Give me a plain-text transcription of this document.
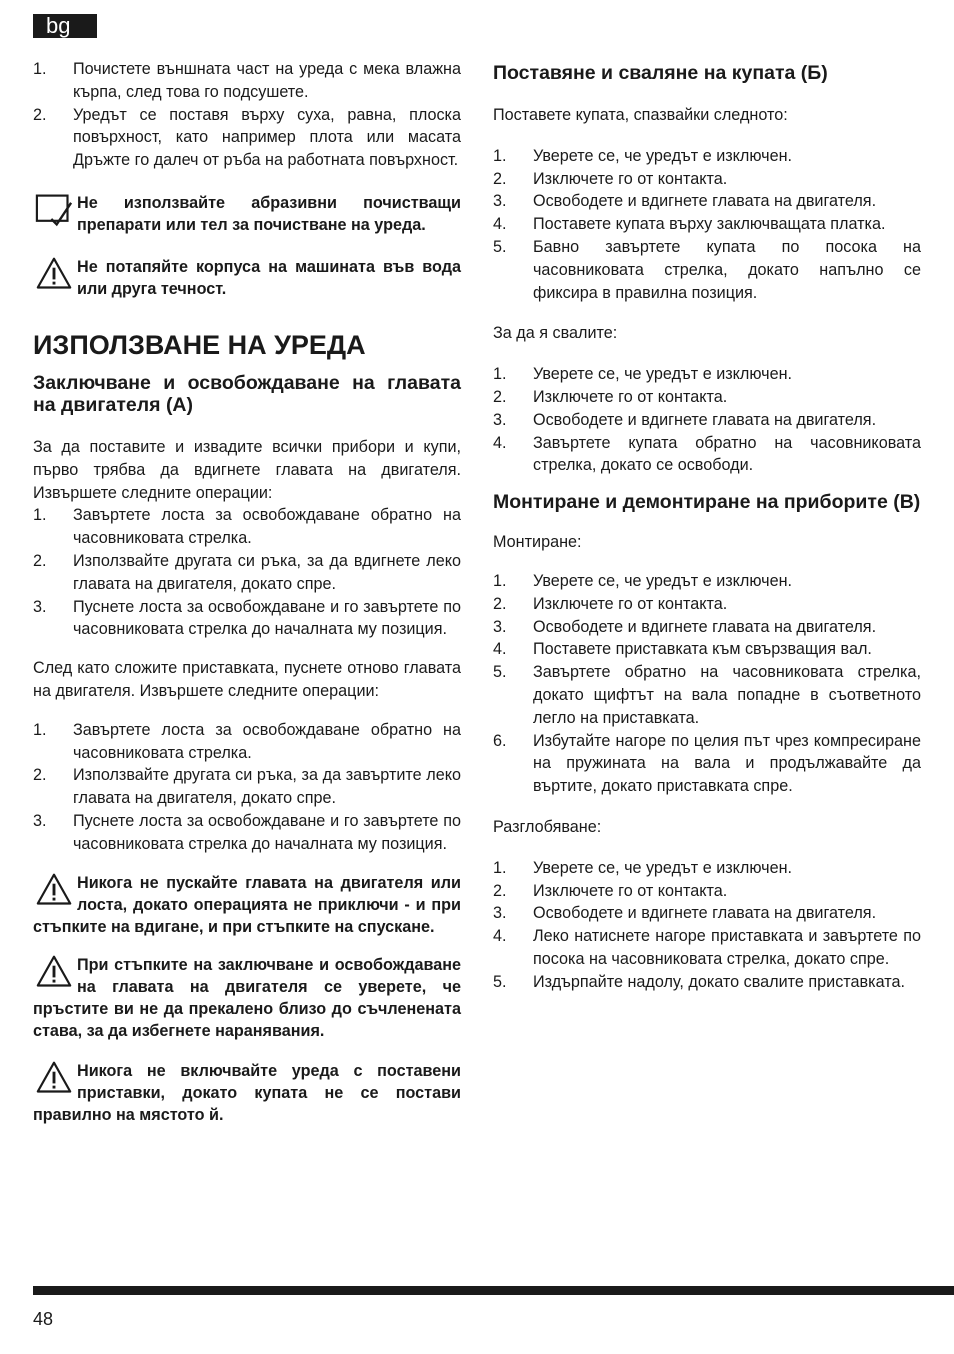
bg
1. Почистете външната част на уреда с мека влажна кърпа, след това го подсушете.
2. Уредът се поставя върху суха, равна, плоска повърхност, като например плота или масата Дръжте го далеч от ръба на работната повърхност.

Не използвайте абразивни почистващи препарати или тел за почистване на уреда.

Не потапяйте корпуса на машината във вода или друга течност.

ИЗПОЛЗВАНЕ НА УРЕДА
Заключване и освобождаване на главата на двигателя (A)

За да поставите и извадите всички прибори и купи, първо трябва да вдигнете главата на двигателя. Извършете следните операции:

1. Завъртете лоста за освобождаване обратно на часовниковата стрелка.
2. Използвайте другата си ръка, за да вдигнете леко главата на двигателя, докато спре.
3. Пуснете лоста за освобождаване и го завъртете по часовниковата стрелка до началната му позиция.

След като сложите приставката, пуснете отново главата на двигателя. Извършете следните операции:

1. Завъртете лоста за освобождаване обратно на часовниковата стрелка.
2. Използвайте другата си ръка, за да завъртите леко главата на двигателя, докато спре.
3. Пуснете лоста за освобождаване и го завъртете по часовниковата стрелка до началната му позиция.

Никога не пускайте главата на двигателя или лоста, докато операцията не приключи - и при стъпките на вдигане, и при стъпките на спускане.

При стъпките на заключване и освобождаване на главата на двигателя се уверете, че пръстите ви не да прекалено близо до съчленената става, за да избегнете наранявания.

Никога не включвайте уреда с поставени приставки, докато купата не се постави правилно на мястото й.

Поставяне и сваляне на купата (Б)

Поставете купата, спазвайки следното:

1. Уверете се, че уредът е изключен.
2. Изключете го от контакта.
3. Освободете и вдигнете главата на двигателя.
4. Поставете купата върху заключващата платка.
5. Бавно завъртете купата по посока на часовниковата стрелка, докато напълно се фиксира в правилна позиция.

За да я свалите:

1. Уверете се, че уредът е изключен.
2. Изключете го от контакта.
3. Освободете и вдигнете главата на двигателя.
4. Завъртете купата обратно на часовниковата стрелка, докато се освободи.
Монтиране и демонтиране на приборите (В)

Монтиране:

1. Уверете се, че уредът е изключен.
2. Изключете го от контакта.
3. Освободете и вдигнете главата на двигателя.
4. Поставете приставката към свързващия вал.
5. Завъртете обратно на часовниковата стрелка, докато щифтът на вала попадне в съответното легло на приставката.
6. Избутайте нагоре по целия път чрез компресиране на пружината на вала и продължавайте да въртите, докато приставката спре.

Разглобяване:

1. Уверете се, че уредът е изключен.
2. Изключете го от контакта.
3. Освободете и вдигнете главата на двигателя.
4. Леко натиснете нагоре приставката и завъртете по посока на часовниковата стрелка, докато спре.
5. Издърпайте надолу, докато свалите приставката.
48
